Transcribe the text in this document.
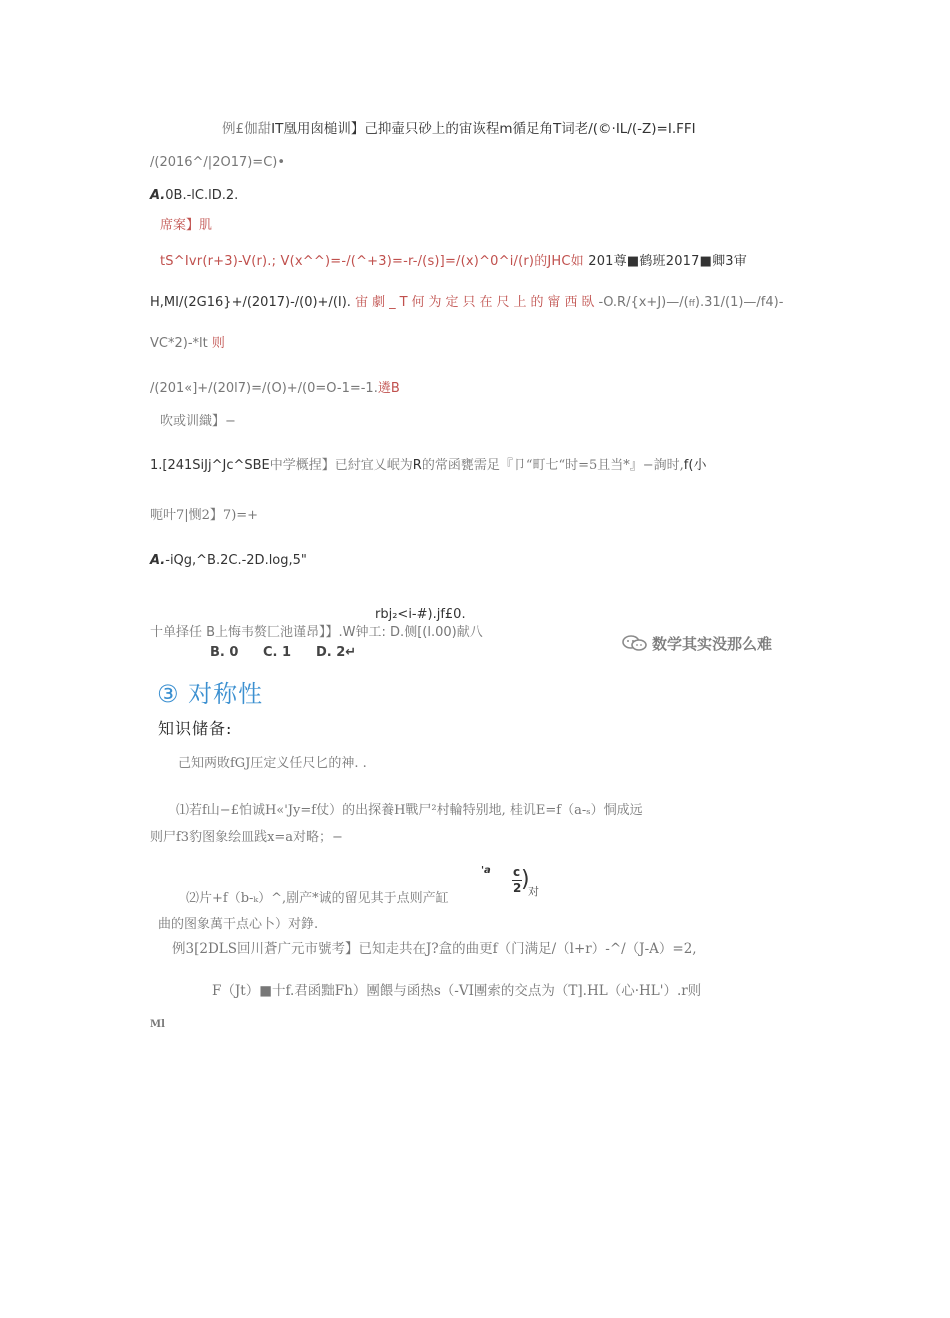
例£伽甜IT凰用囱槌训】己抑壷只砂上的宙诙程m循足角T词老/(©·IL/(-Z)=I.FFI
/(2016^/|2O17)=C)•
A.0B.-lC.lD.2.
席案】肌
tS^Ivr(r+3)-V(r).; V(x^^)=-/(^+3)=-r-/(s)]=/(x)^0^i/(r)的JHC如 201尊■鹤班2017■卿3审
H,MI/(2G16}+/(2017)-/(0)+/(I). 宙劇_T何为定只在尺上的甯西臥-O.R/{x+J)—/(ff).31/(1)—/f4)-
VC*2)-*lt 则
/(201«]+/(20l7)=/(O)+/(0=O-1=-1.遴B
吹或训織】−
1.[241SiJj^Jc^SBE中学概捏】已紂宜乂岷为R的常函甕需足『卩“町七“时=5且当*』−詢时,f(小
呃叶7|恻2】7)=+
A.-iQg,^B.2C.-2D.log,5"
rbj₂<i-#).jf£0.
十单择任 B上悔韦赘匚池谨昂】】.W钟工: D.侧[(l.00)献八
B. 0 C. 1 D. 2↵	数学其实没那么难
③ 对称性
知识储备:
己知两敗fGJ圧定义任尺匕的神. .
⑴若f山−£怕诚H«'Jy=f仗）的出探養H戰尸²村輪特别地, 桂讥E=f（a-ₛ）恫成远
则尸f3豹图象绘皿践x=a对略；−
'a c
2 )
对
⑵片+f（b-ₖ）^,剧产*诚的留见其于点则产缸
曲的图象萬干点心卜）对錚.
例3[2DLS回川蒼广元市號考】已知走共在J?盒的曲更f（门满足/（l+r）-^/（J-A）=2,
F（Jt）■十f.君函黜Fh）團餵与函热s（-VI團索的交点为（T].HL（心·HL'）.r则
Ml
